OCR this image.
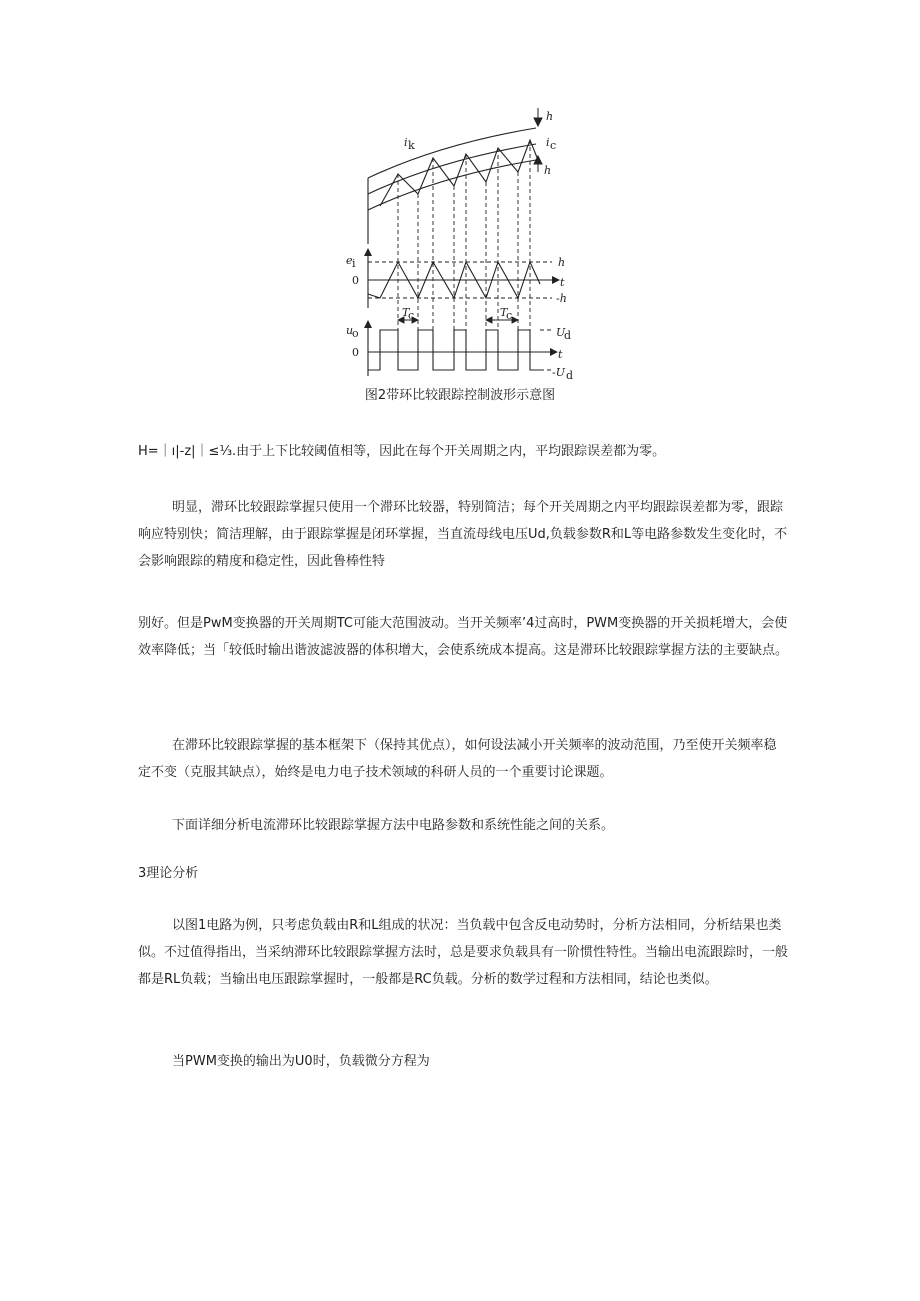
h
i c
h
i k
e i
0
h
t
-h
T
c	T
c
u
o
0
U
d
t
-U d
图2带环比较跟踪控制波形示意图

H=｜ı|-z|｜≤⅓.由于上下比较阈值相等，因此在每个开关周期之内，平均跟踪误差都为零。

明显，滞环比较跟踪掌握只使用一个滞环比较器，特别简洁；每个开关周期之内平均跟踪误差都为零，跟踪响应特别快；简洁理解，由于跟踪掌握是闭环掌握，当直流母线电压Ud,负载参数R和L等电路参数发生变化时，不会影响跟踪的精度和稳定性，因此鲁棒性特

别好。但是PwM变换器的开关周期TC可能大范围波动。当开关频率’4过高时，PWM变换器的开关损耗增大，会使效率降低；当「较低时输出谐波滤波器的体积增大，会使系统成本提高。这是滞环比较跟踪掌握方法的主要缺点。

在滞环比较跟踪掌握的基本框架下（保持其优点），如何设法减小开关频率的波动范围，乃至使开关频率稳定不变（克服其缺点），始终是电力电子技术领域的科研人员的一个重要讨论课题。

下面详细分析电流滞环比较跟踪掌握方法中电路参数和系统性能之间的关系。

3理论分析

以图1电路为例，只考虑负载由R和L组成的状况：当负载中包含反电动势时，分析方法相同，分析结果也类似。不过值得指出，当采纳滞环比较跟踪掌握方法时，总是要求负载具有一阶惯性特性。当输出电流跟踪时，一般都是RL负载；当输出电压跟踪掌握时，一般都是RC负载。分析的数学过程和方法相同，结论也类似。

当PWM变换的输出为U0时，负载微分方程为
